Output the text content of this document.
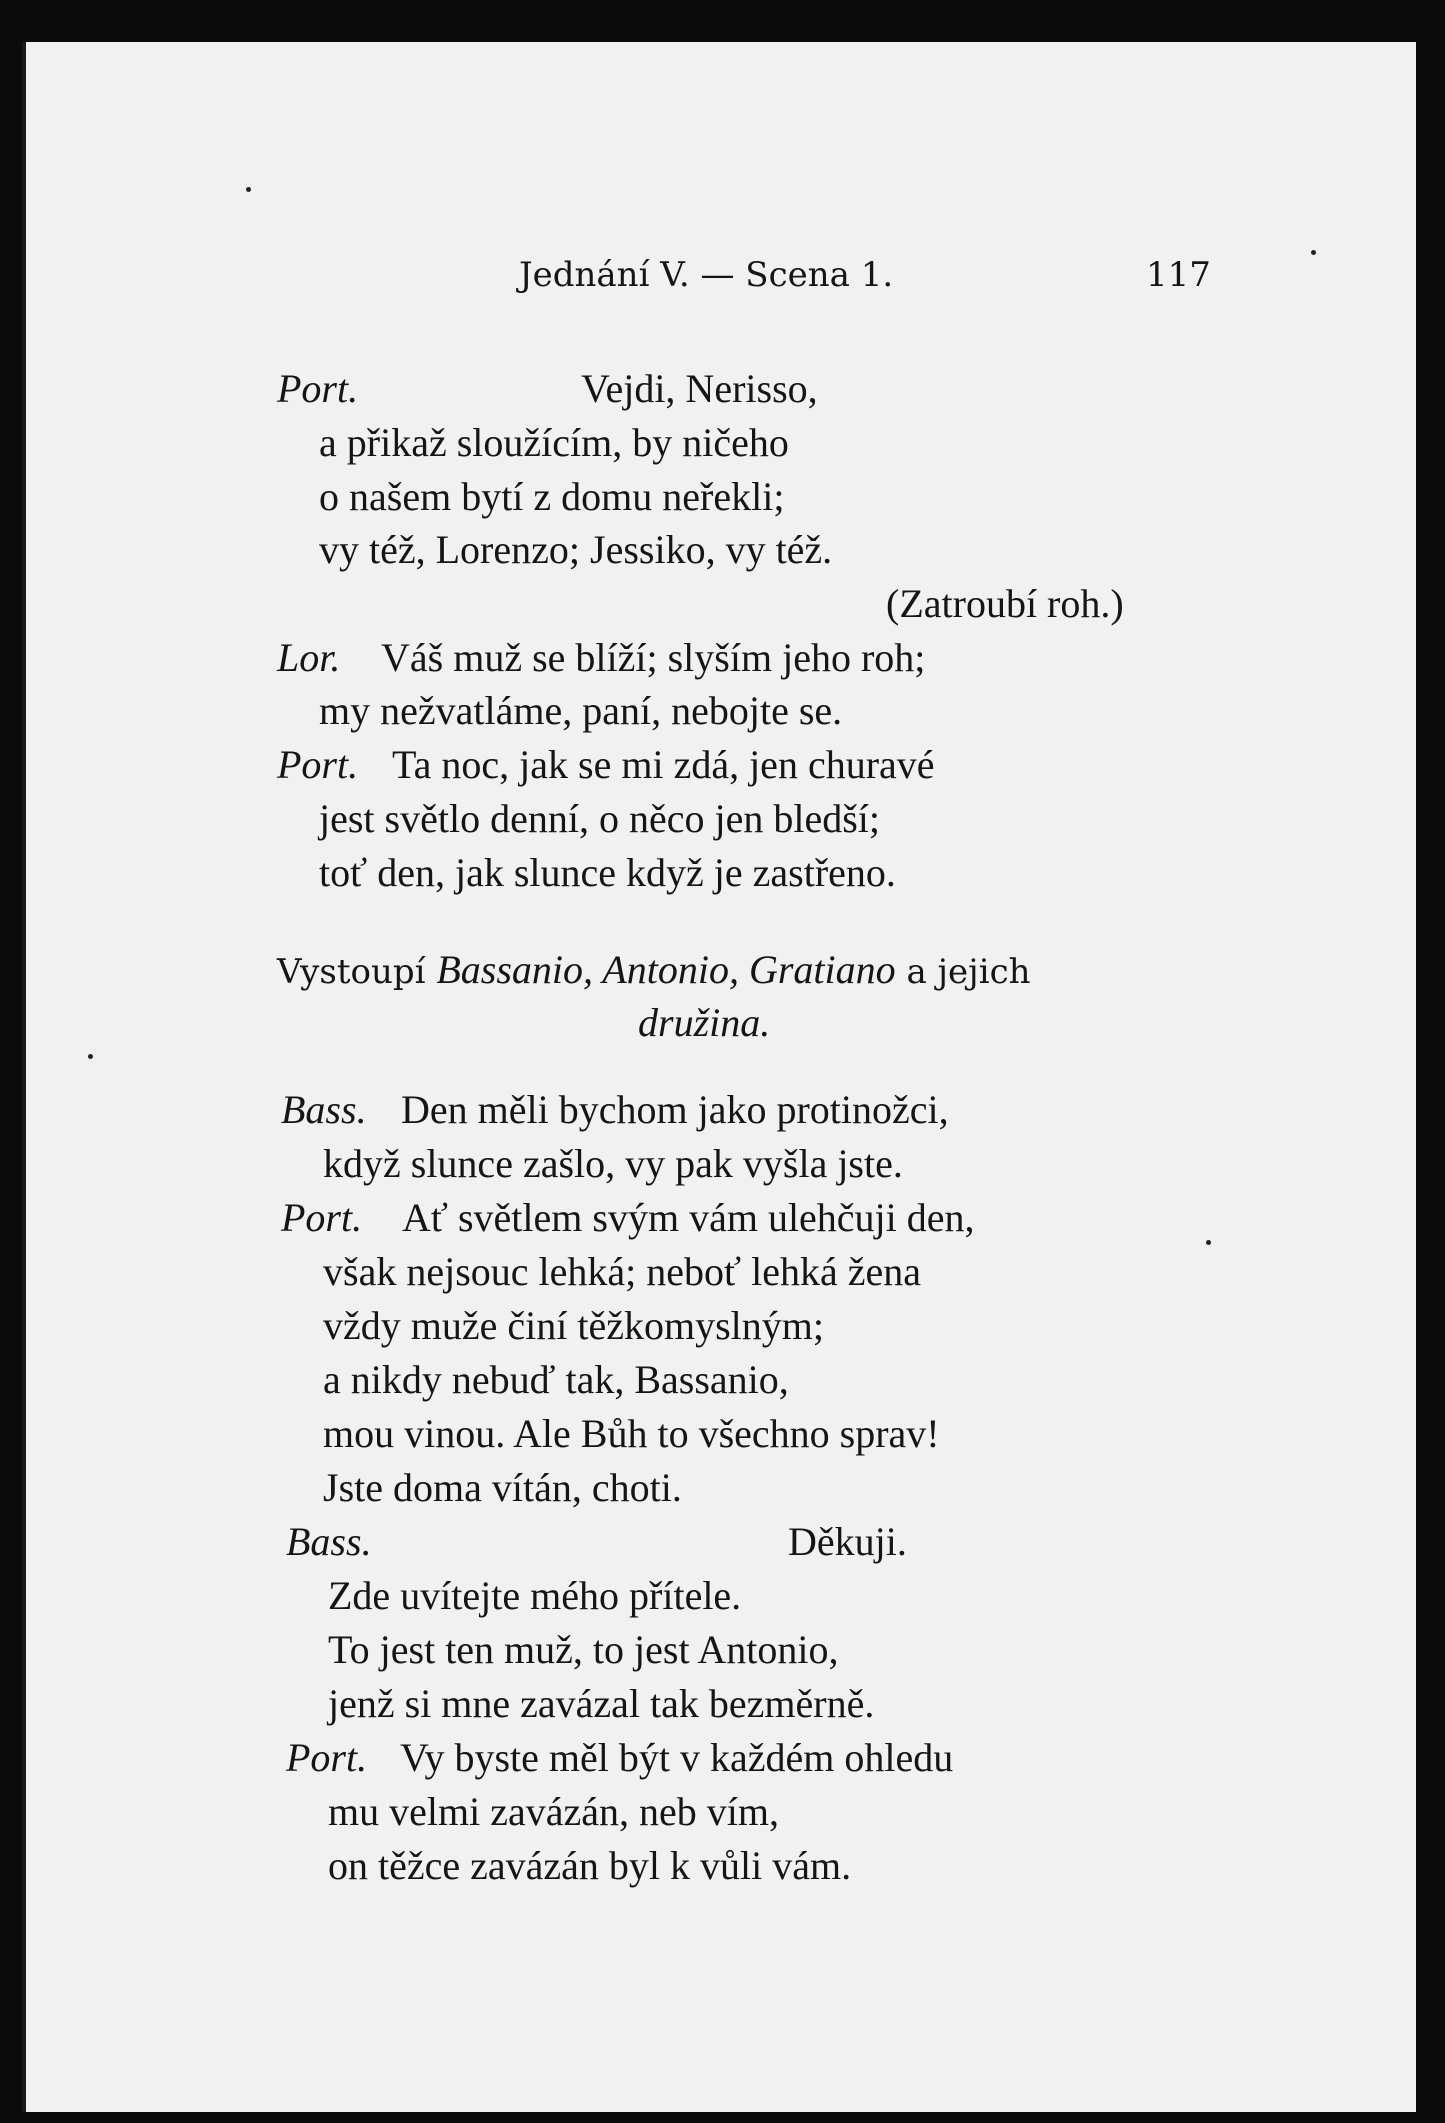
Jednání V. — Scena 1.	117
Port.	Vejdi, Nerisso,
a přikaž sloužícím, by ničeho
o našem bytí z domu neřekli;
vy též, Lorenzo; Jessiko, vy též.
(Zatroubí roh.)
Lor. Váš muž se blíží; slyším jeho roh;
my nežvatláme, paní, nebojte se.
Port. Ta noc, jak se mi zdá, jen churavé
jest světlo denní, o něco jen bledší;
toť den, jak slunce když je zastřeno.
Vystoupí Bassanio, Antonio, Gratiano a jejich
družina.
Bass. Den měli bychom jako protinožci,
když slunce zašlo, vy pak vyšla jste.
Port. Ať světlem svým vám ulehčuji den,
však nejsouc lehká; neboť lehká žena
vždy muže činí těžkomyslným;
a nikdy nebuď tak, Bassanio,
mou vinou. Ale Bůh to všechno sprav!
Jste doma vítán, choti.
Bass.	Děkuji.
Zde uvítejte mého přítele.
To jest ten muž, to jest Antonio,
jenž si mne zavázal tak bezměrně.
Port. Vy byste měl být v každém ohledu
mu velmi zavázán, neb vím,
on těžce zavázán byl k vůli vám.
